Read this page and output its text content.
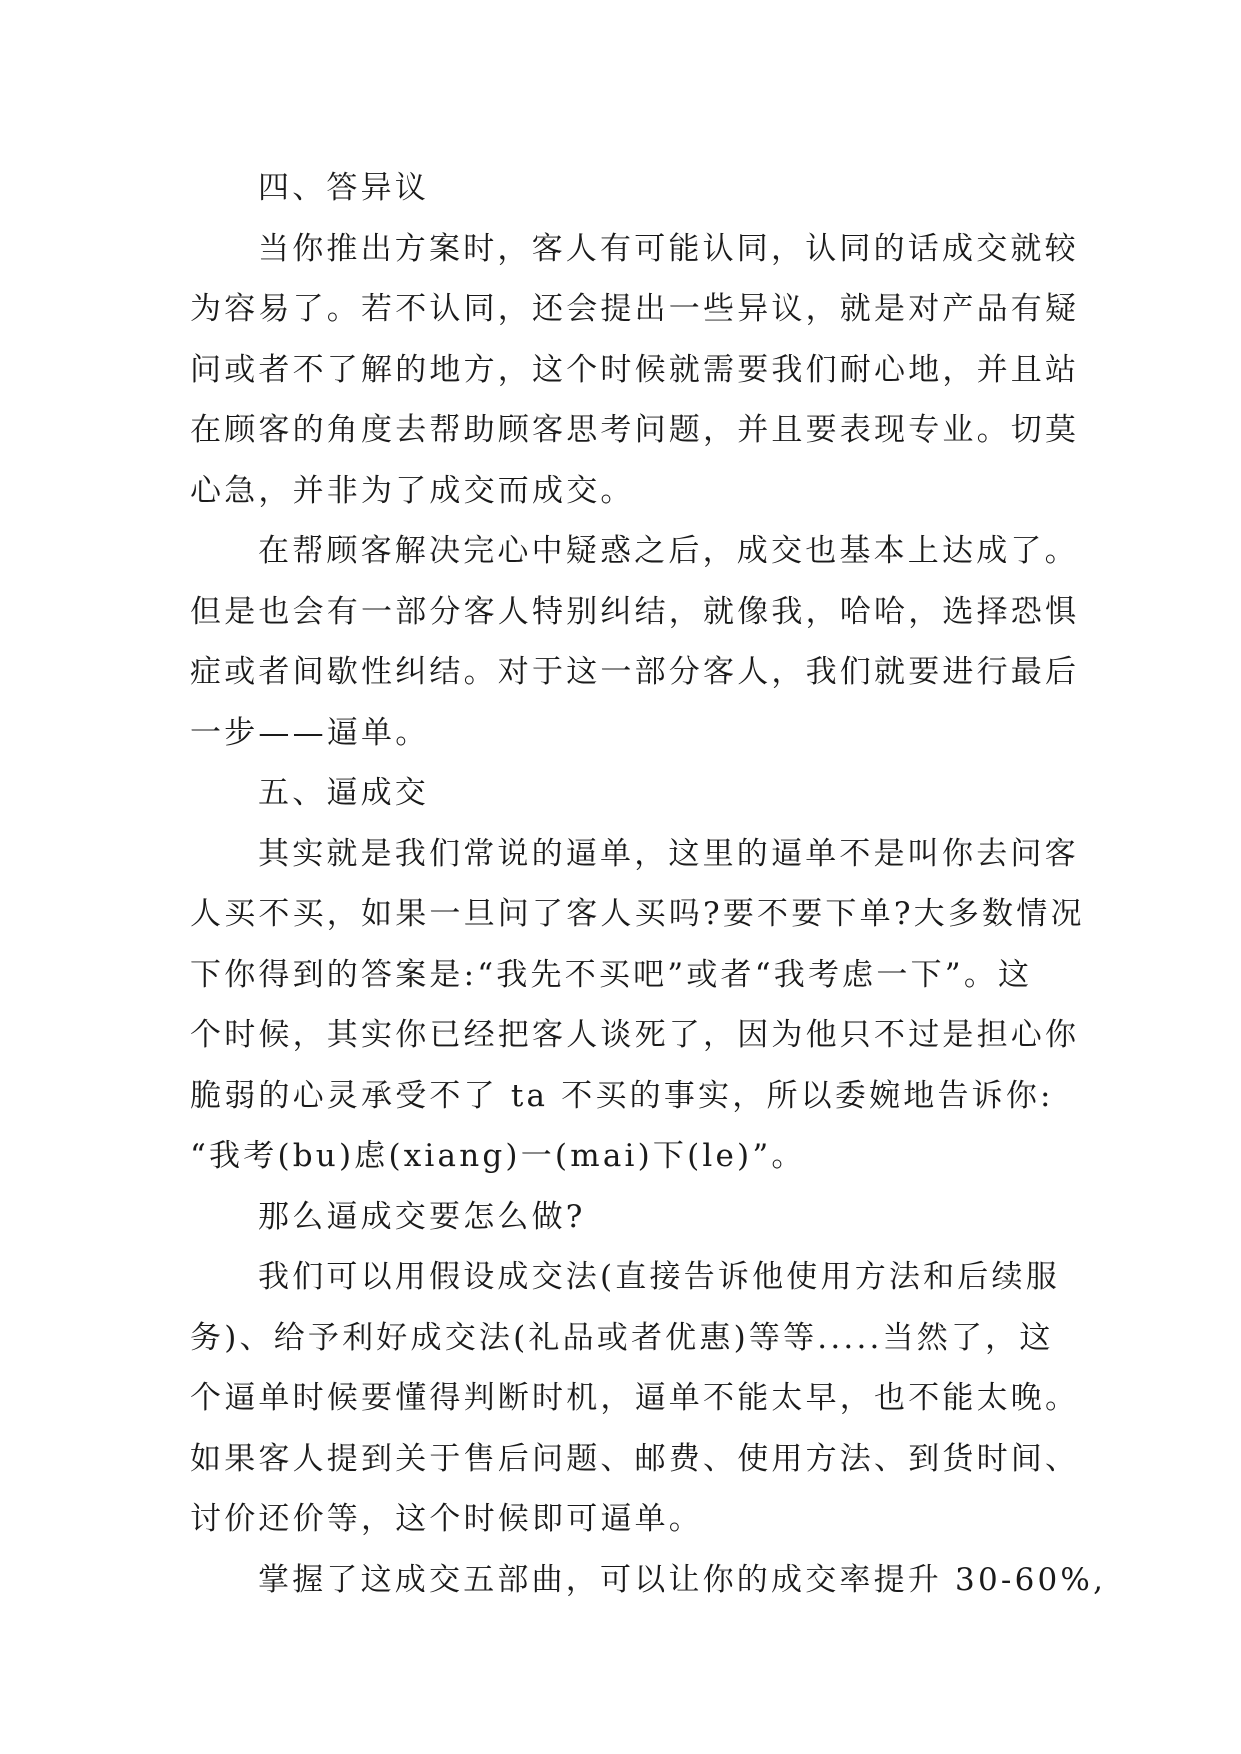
四、答异议
当你推出方案时，客人有可能认同，认同的话成交就较
为容易了。若不认同，还会提出一些异议，就是对产品有疑
问或者不了解的地方，这个时候就需要我们耐心地，并且站
在顾客的角度去帮助顾客思考问题，并且要表现专业。切莫
心急，并非为了成交而成交。
在帮顾客解决完心中疑惑之后，成交也基本上达成了。
但是也会有一部分客人特别纠结，就像我，哈哈，选择恐惧
症或者间歇性纠结。对于这一部分客人，我们就要进行最后
一步——逼单。
五、逼成交
其实就是我们常说的逼单，这里的逼单不是叫你去问客
人买不买，如果一旦问了客人买吗?要不要下单?大多数情况
下你得到的答案是:“我先不买吧”或者“我考虑一下”。这
个时候，其实你已经把客人谈死了，因为他只不过是担心你
脆弱的心灵承受不了 ta 不买的事实，所以委婉地告诉你:
“我考(bu)虑(xiang)一(mai)下(le)”。
那么逼成交要怎么做?
我们可以用假设成交法(直接告诉他使用方法和后续服
务)、给予利好成交法(礼品或者优惠)等等.....当然了，这
个逼单时候要懂得判断时机，逼单不能太早，也不能太晚。
如果客人提到关于售后问题、邮费、使用方法、到货时间、
讨价还价等，这个时候即可逼单。
掌握了这成交五部曲，可以让你的成交率提升 30-60%,
